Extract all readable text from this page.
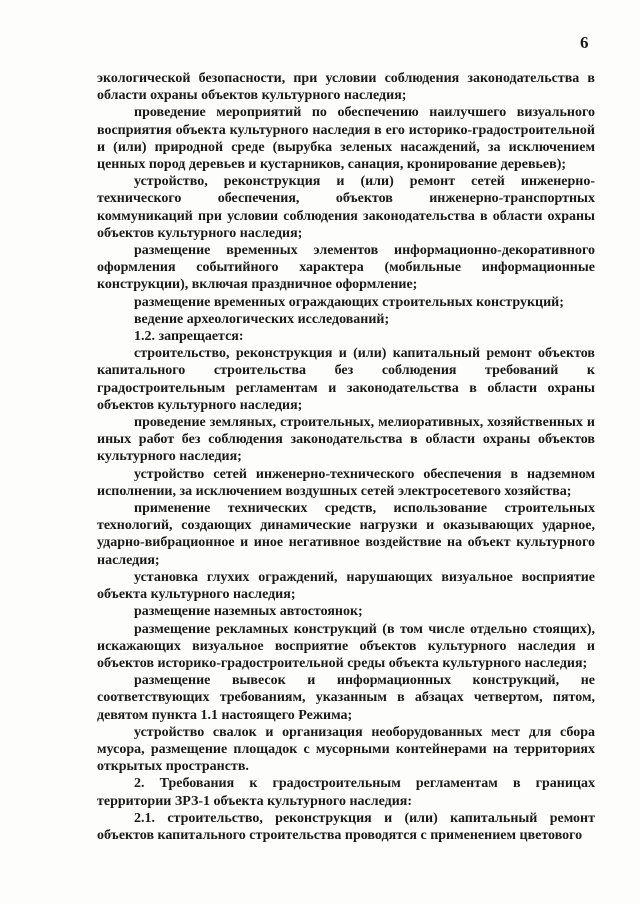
6

экологической безопасности, при условии соблюдения законодательства в области охраны объектов культурного наследия;

проведение мероприятий по обеспечению наилучшего визуального восприятия объекта культурного наследия в его историко-градостроительной и (или) природной среде (вырубка зеленых насаждений, за исключением ценных пород деревьев и кустарников, санация, кронирование деревьев);

устройство, реконструкция и (или) ремонт сетей инженерно-технического обеспечения, объектов инженерно-транспортных коммуникаций при условии соблюдения законодательства в области охраны объектов культурного наследия;

размещение временных элементов информационно-декоративного оформления событийного характера (мобильные информационные конструкции), включая праздничное оформление;

размещение временных ограждающих строительных конструкций;

ведение археологических исследований;

1.2. запрещается:

строительство, реконструкция и (или) капитальный ремонт объектов капитального строительства без соблюдения требований к градостроительным регламентам и законодательства в области охраны объектов культурного наследия;

проведение земляных, строительных, мелиоративных, хозяйственных и иных работ без соблюдения законодательства в области охраны объектов культурного наследия;

устройство сетей инженерно-технического обеспечения в надземном исполнении, за исключением воздушных сетей электросетевого хозяйства;

применение технических средств, использование строительных технологий, создающих динамические нагрузки и оказывающих ударное, ударно-вибрационное и иное негативное воздействие на объект культурного наследия;

установка глухих ограждений, нарушающих визуальное восприятие объекта культурного наследия;

размещение наземных автостоянок;

размещение рекламных конструкций (в том числе отдельно стоящих), искажающих визуальное восприятие объектов культурного наследия и объектов историко-градостроительной среды объекта культурного наследия;

размещение вывесок и информационных конструкций, не соответствующих требованиям, указанным в абзацах четвертом, пятом, девятом пункта 1.1 настоящего Режима;

устройство свалок и организация необорудованных мест для сбора мусора, размещение площадок с мусорными контейнерами на территориях открытых пространств.

2. Требования к градостроительным регламентам в границах территории ЗРЗ-1 объекта культурного наследия:

2.1. строительство, реконструкция и (или) капитальный ремонт объектов капитального строительства проводятся с применением цветового
